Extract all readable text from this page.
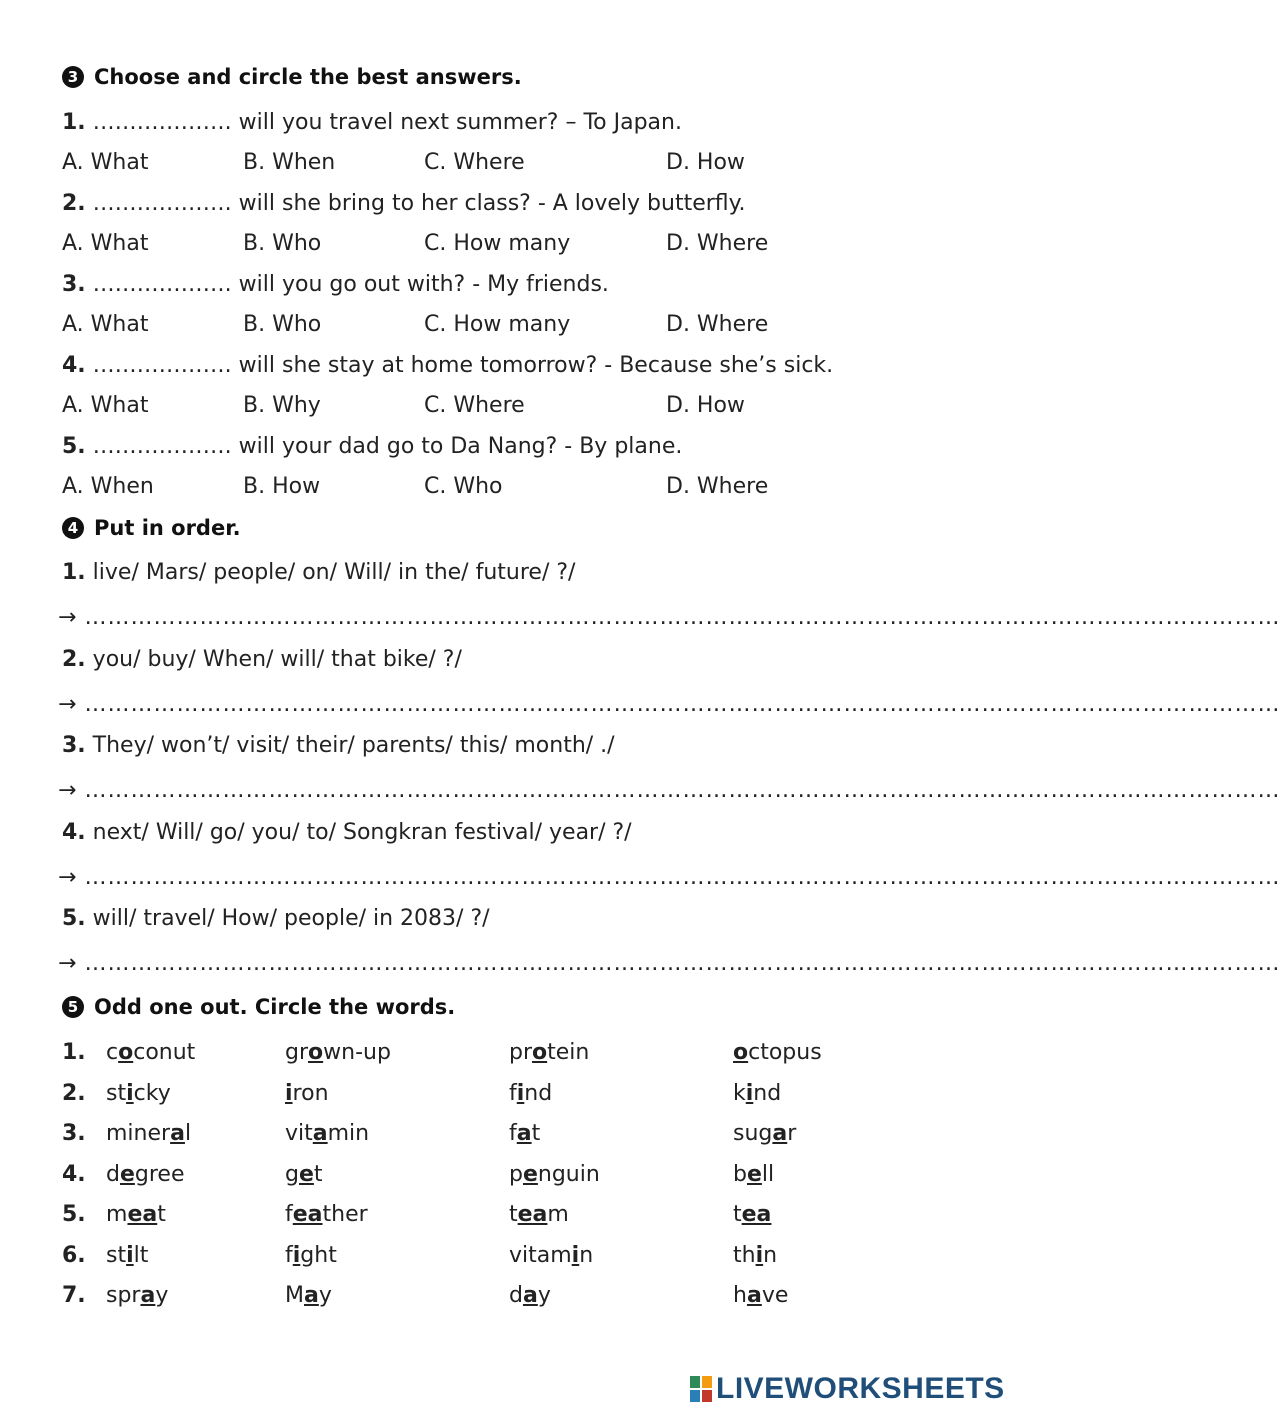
3 Choose and circle the best answers.
1. ………………. will you travel next summer? – To Japan.
A. What	B. When	C. Where	D. How
2. ………………. will she bring to her class? - A lovely butterfly.
A. What	B. Who	C. How many	D. Where
3. ………………. will you go out with? - My friends.
A. What	B. Who	C. How many	D. Where
4. ………………. will she stay at home tomorrow? - Because she’s sick.
A. What	B. Why	C. Where	D. How
5. ………………. will your dad go to Da Nang? - By plane.
A. When	B. How	C. Who	D. Where
4 Put in order.
1. live/ Mars/ people/ on/ Will/ in the/ future/ ?/
→ …………………………………………………………………………………………………………………………………………
2. you/ buy/ When/ will/ that bike/ ?/
→ …………………………………………………………………………………………………………………………………………
3. They/ won’t/ visit/ their/ parents/ this/ month/ ./
→ …………………………………………………………………………………………………………………………………………
4. next/ Will/ go/ you/ to/ Songkran festival/ year/ ?/
→ …………………………………………………………………………………………………………………………………………
5. will/ travel/ How/ people/ in 2083/ ?/
→ …………………………………………………………………………………………………………………………………………
5 Odd one out. Circle the words.
1. coconut	grown-up	protein	octopus
2. sticky	iron	find	kind
3. mineral	vitamin	fat	sugar
4. degree	get	penguin	bell
5. meat	feather	team	tea
6. stilt	fight	vitamin	thin
7. spray	May	day	have
LIVEWORKSHEETS
